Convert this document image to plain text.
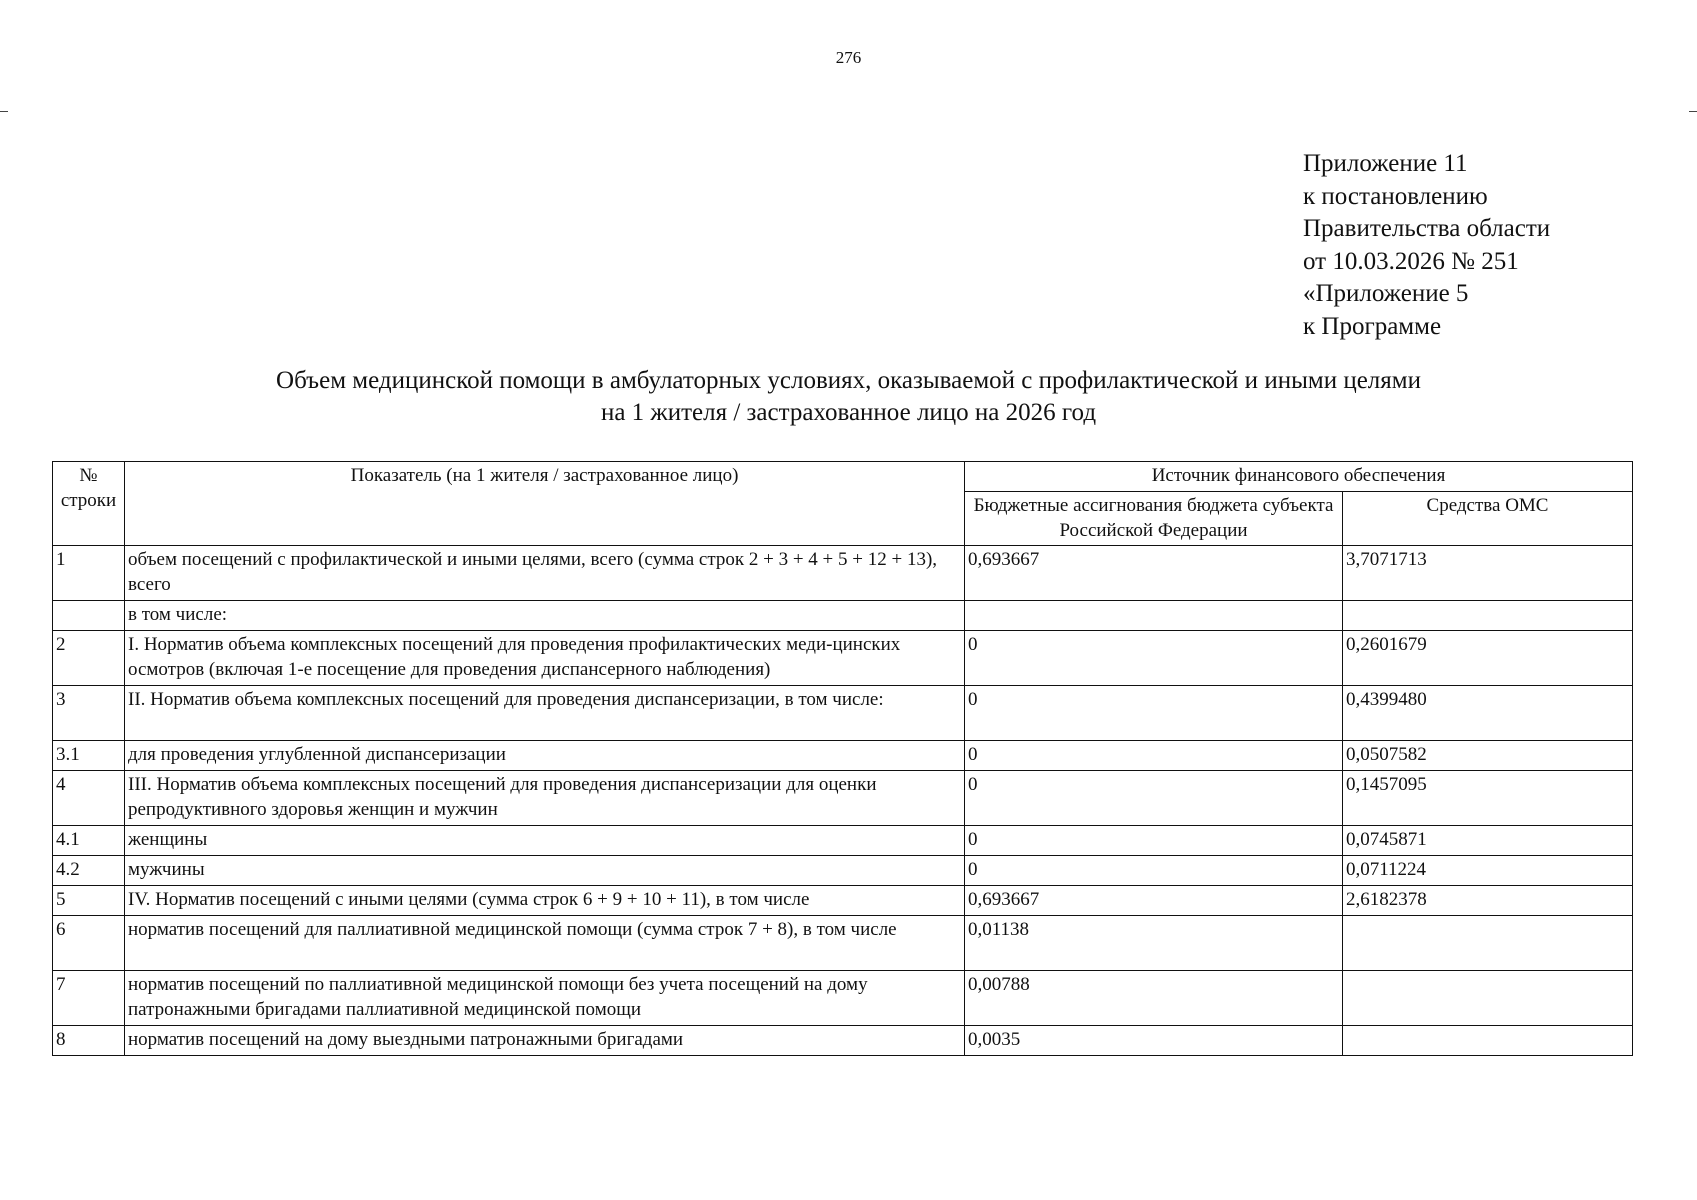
276
Приложение 11
к постановлению
Правительства области
от 10.03.2026 № 251
«Приложение 5
к Программе
Объем медицинской помощи в амбулаторных условиях, оказываемой с профилактической и иными целями
на 1 жителя / застрахованное лицо на 2026 год
№ строки	Показатель (на 1 жителя / застрахованное лицо)	Источник финансового обеспечения	
		Бюджетные ассигнования бюджета субъекта Российской Федерации	Средства ОМС
1	объем посещений с профилактической и иными целями, всего (сумма строк 2 + 3 + 4 + 5 + 12 + 13), всего	0,693667	3,7071713
	в том числе:		
2	I. Норматив объема комплексных посещений для проведения профилактических меди-цинских осмотров (включая 1-е посещение для проведения диспансерного наблюдения)	0	0,2601679
3	II. Норматив объема комплексных посещений для проведения диспансеризации, в том числе:	0	0,4399480
3.1	для проведения углубленной диспансеризации	0	0,0507582
4	III. Норматив объема комплексных посещений для проведения диспансеризации для оценки репродуктивного здоровья женщин и мужчин	0	0,1457095
4.1	женщины	0	0,0745871
4.2	мужчины	0	0,0711224
5	IV. Норматив посещений с иными целями (сумма строк 6 + 9 + 10 + 11), в том числе	0,693667	2,6182378
6	норматив посещений для паллиативной медицинской помощи (сумма строк 7 + 8), в том числе	0,01138	
7	норматив посещений по паллиативной медицинской помощи без учета посещений на дому патронажными бригадами паллиативной медицинской помощи	0,00788	
8	норматив посещений на дому выездными патронажными бригадами	0,0035	
